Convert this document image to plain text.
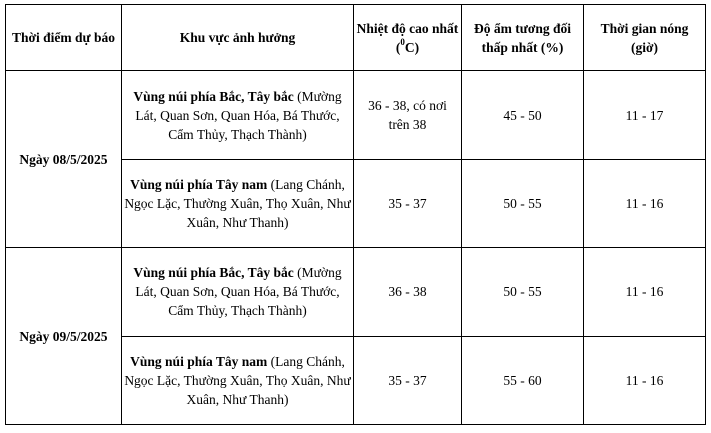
Thời điểm dự báo	Khu vực ảnh hưởng	Nhiệt độ cao nhất ($^0$C)	Độ ẩm tương đối thấp nhất (%)	Thời gian nóng (giờ)
Ngày 08/5/2025	Vùng núi phía Bắc, Tây bắc (Mường Lát, Quan Sơn, Quan Hóa, Bá Thước, Cẩm Thủy, Thạch Thành)	36 - 38, có nơi trên 38	45 - 50	11 - 17
	Vùng núi phía Tây nam (Lang Chánh, Ngọc Lặc, Thường Xuân, Thọ Xuân, Như Xuân, Như Thanh)	35 - 37	50 - 55	11 - 16
Ngày 09/5/2025	Vùng núi phía Bắc, Tây bắc (Mường Lát, Quan Sơn, Quan Hóa, Bá Thước, Cẩm Thủy, Thạch Thành)	36 - 38	50 - 55	11 - 16
	Vùng núi phía Tây nam (Lang Chánh, Ngọc Lặc, Thường Xuân, Thọ Xuân, Như Xuân, Như Thanh)	35 - 37	55 - 60	11 - 16
